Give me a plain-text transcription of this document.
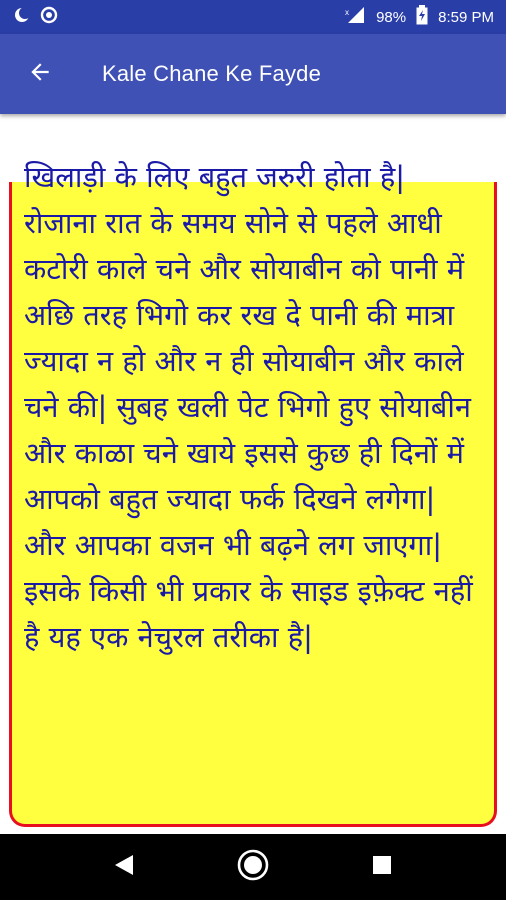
x 98% 8:59 PM
Kale Chane Ke Fayde

खिलाड़ी के लिए बहुत जरुरी होता है| रोजाना रात के समय सोने से पहले आधी कटोरी काले चने और सोयाबीन को पानी में अछि तरह भिगो कर रख दे पानी की मात्रा ज्यादा न हो और न ही सोयाबीन और काले चने की| सुबह खली पेट भिगो हुए सोयाबीन और काळा चने खाये इससे कुछ ही दिनों में आपको बहुत ज्यादा फर्क दिखने लगेगा| और आपका वजन भी बढ़ने लग जाएगा| इसके किसी भी प्रकार के साइड इफ़ेक्ट नहीं है यह एक नेचुरल तरीका है|
